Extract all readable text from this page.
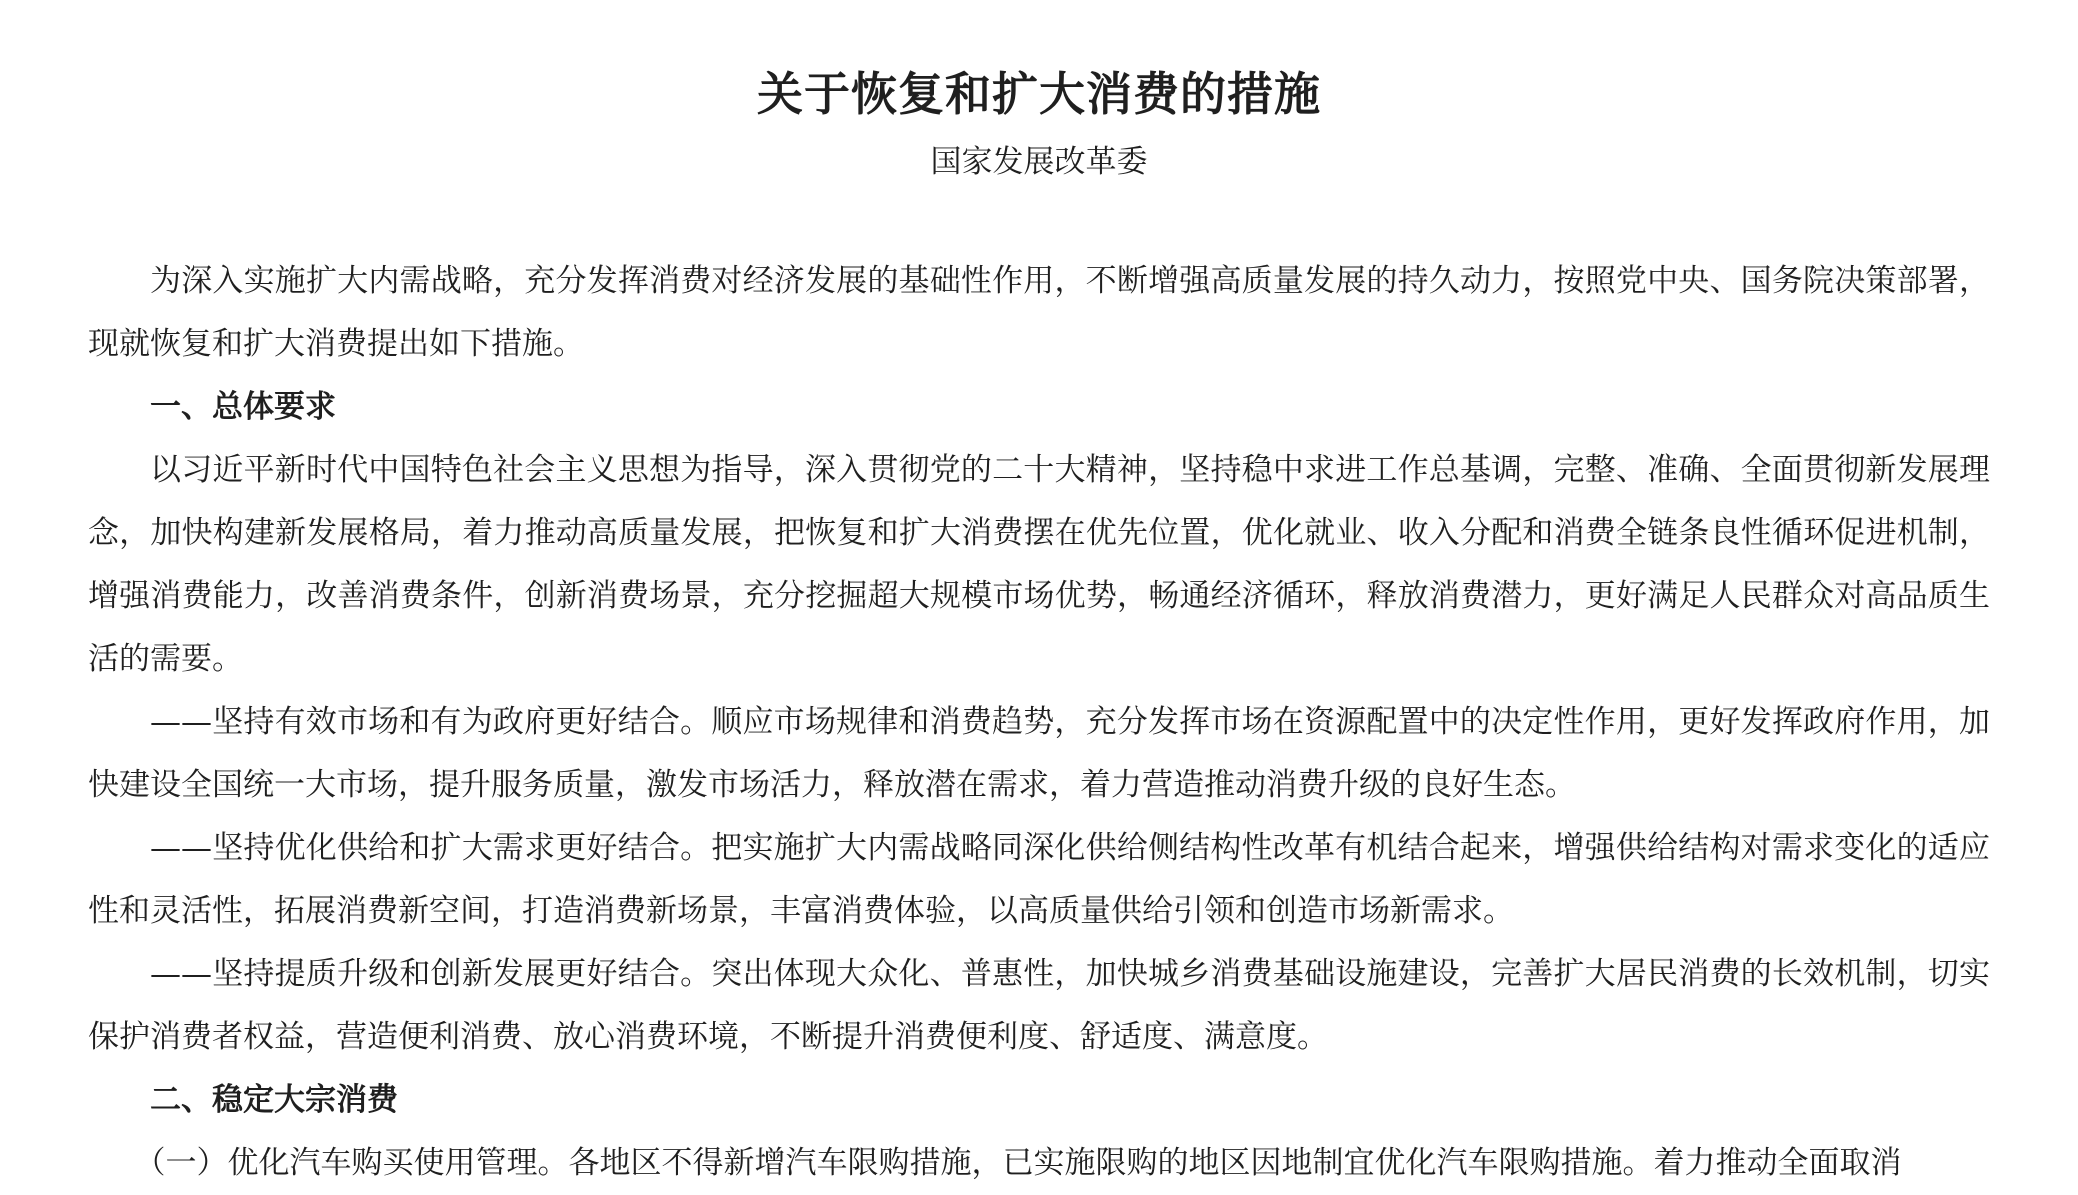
关于恢复和扩大消费的措施

国家发展改革委

为深入实施扩大内需战略，充分发挥消费对经济发展的基础性作用，不断增强高质量发展的持久动力，按照党中央、国务院决策部署，现就恢复和扩大消费提出如下措施。

一、总体要求

以习近平新时代中国特色社会主义思想为指导，深入贯彻党的二十大精神，坚持稳中求进工作总基调，完整、准确、全面贯彻新发展理念，加快构建新发展格局，着力推动高质量发展，把恢复和扩大消费摆在优先位置，优化就业、收入分配和消费全链条良性循环促进机制，增强消费能力，改善消费条件，创新消费场景，充分挖掘超大规模市场优势，畅通经济循环，释放消费潜力，更好满足人民群众对高品质生活的需要。

——坚持有效市场和有为政府更好结合。顺应市场规律和消费趋势，充分发挥市场在资源配置中的决定性作用，更好发挥政府作用，加快建设全国统一大市场，提升服务质量，激发市场活力，释放潜在需求，着力营造推动消费升级的良好生态。

——坚持优化供给和扩大需求更好结合。把实施扩大内需战略同深化供给侧结构性改革有机结合起来，增强供给结构对需求变化的适应性和灵活性，拓展消费新空间，打造消费新场景，丰富消费体验，以高质量供给引领和创造市场新需求。

——坚持提质升级和创新发展更好结合。突出体现大众化、普惠性，加快城乡消费基础设施建设，完善扩大居民消费的长效机制，切实保护消费者权益，营造便利消费、放心消费环境，不断提升消费便利度、舒适度、满意度。

二、稳定大宗消费

（一）优化汽车购买使用管理。各地区不得新增汽车限购措施，已实施限购的地区因地制宜优化汽车限购措施。着力推动全面取消
